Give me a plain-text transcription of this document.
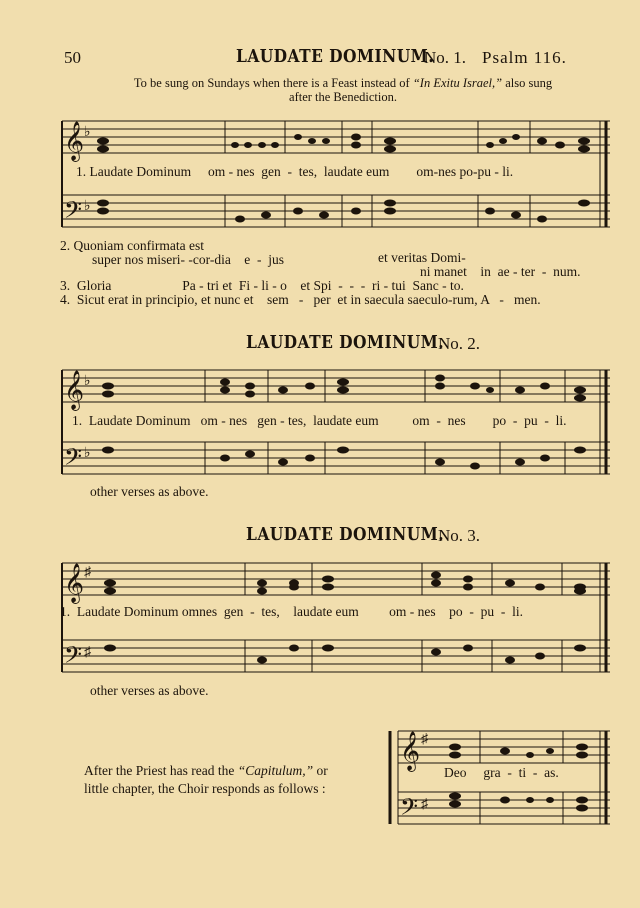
50	LAUDATE DOMINUM.
No. 1. Psalm 116.
To be sung on Sundays when there is a Feast instead of “In Exitu Israel,” also sung
after the Benediction.
𝄞 ♭
𝄢 ♭
1. Laudate Dominum     om - nes  gen  -  tes,  laudate eum        om-nes po-pu - li.
2. Quoniam confirmata est
super nos miseri- -cor-dia    e  -  jus	et veritas Domi-
ni manet    in  ae - ter  -  num.
3.  Gloria                     Pa - tri et  Fi - li - o    et Spi  -  -  -  ri - tui  Sanc - to.
4.  Sicut erat in principio, et nunc et    sem   -   per  et in saecula saeculo-rum, A   -   men.
LAUDATE DOMINUM.
No. 2.
𝄞 ♭
𝄢 ♭
1.  Laudate Dominum   om - nes   gen - tes,  laudate eum          om  -  nes        po  -  pu  -  li.
other verses as above.
LAUDATE DOMINUM.
No. 3.
𝄞 ♯
𝄢 ♯
1.  Laudate Dominum omnes  gen  -  tes,    laudate eum         om - nes    po  -  pu  -  li.
other verses as above.
𝄞 ♯
𝄢 ♯
Deo     gra  -  ti  -  as.
After the Priest has read the “Capitulum,” or
little chapter, the Choir responds as follows :
